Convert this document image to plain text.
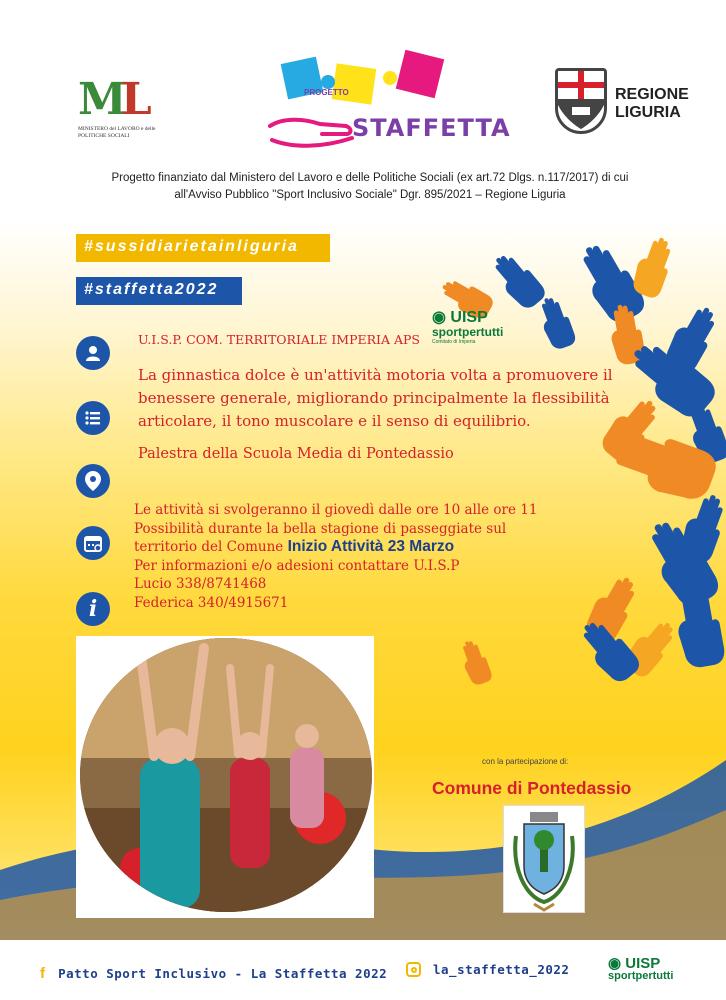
ML
MINISTERO del LAVORO e delle POLITICHE SOCIALI
PROGETTO
STAFFETTA
REGIONE
LIGURIA
Progetto finanziato dal Ministero del Lavoro e delle Politiche Sociali (ex art.72 Dlgs. n.117/2017) di cui
all'Avviso Pubblico "Sport Inclusivo Sociale" Dgr. 895/2021 – Regione Liguria
#sussidiarietainliguria
#staffetta2022
◉ UISP
sportpertutti
Comitato di Imperia
i
U.I.S.P. COM. TERRITORIALE IMPERIA APS
La ginnastica dolce è un'attività motoria volta a promuovere il benessere generale, migliorando principalmente la flessibilità articolare, il tono muscolare e il senso di equilibrio.
Palestra della Scuola Media di Pontedassio
Le attività si svolgeranno il giovedì dalle ore 10 alle ore 11
Possibilità durante la bella stagione di passeggiate sul
territorio del Comune Inizio Attività 23 Marzo
Per informazioni e/o adesioni contattare U.I.S.P
Lucio 338/8741468
Federica 340/4915671
con la partecipazione di:
Comune di Pontedassio
f Patto Sport Inclusivo - La Staffetta 2022	la_staffetta_2022	◉ UISP
sportpertutti
